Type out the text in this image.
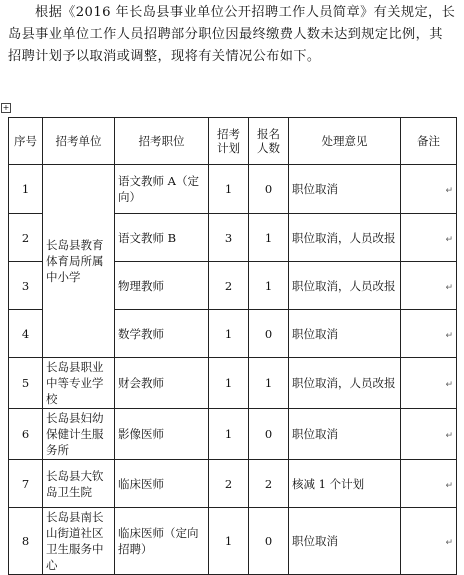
根据《2016 年长岛县事业单位公开招聘工作人员简章》有关规定，长岛县事业单位工作人员招聘部分职位因最终缴费人数未达到规定比例，其招聘计划予以取消或调整，现将有关情况公布如下。

+
序号	招考单位	招考职位	招考计划	报名人数	处理意见	备注
1	长岛县教育体育局所属中小学	语文教师 A（定向）	1	0	职位取消	↵
2		语文教师 B	3	1	职位取消，人员改报	↵
3		物理教师	2	1	职位取消，人员改报	↵
4		数学教师	1	0	职位取消	↵
5	长岛县职业中等专业学校	财会教师	1	1	职位取消，人员改报	↵
6	长岛县妇幼保健计生服务所	影像医师	1	0	职位取消	↵
7	长岛县大钦岛卫生院	临床医师	2	2	核减 1 个计划	↵
8	长岛县南长山街道社区卫生服务中心	临床医师（定向招聘）	1	0	职位取消	↵
